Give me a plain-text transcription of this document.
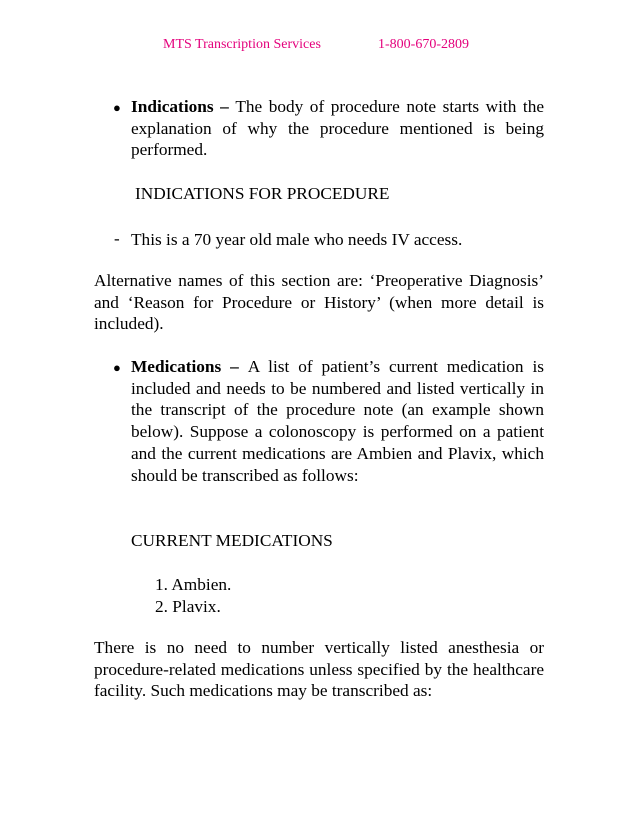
MTS Transcription Services	1-800-670-2809
● Indications – The body of procedure note starts with the explanation of why the procedure mentioned is being performed.
INDICATIONS FOR PROCEDURE
- This is a 70 year old male who needs IV access.
Alternative names of this section are: ‘Preoperative Diagnosis’ and ‘Reason for Procedure or History’ (when more detail is included).
● Medications – A list of patient’s current medication is included and needs to be numbered and listed vertically in the transcript of the procedure note (an example shown below). Suppose a colonoscopy is performed on a patient and the current medications are Ambien and Plavix, which should be transcribed as follows:
CURRENT MEDICATIONS
1. Ambien.
2. Plavix.
There is no need to number vertically listed anesthesia or procedure-related medications unless specified by the healthcare facility. Such medications may be transcribed as:
